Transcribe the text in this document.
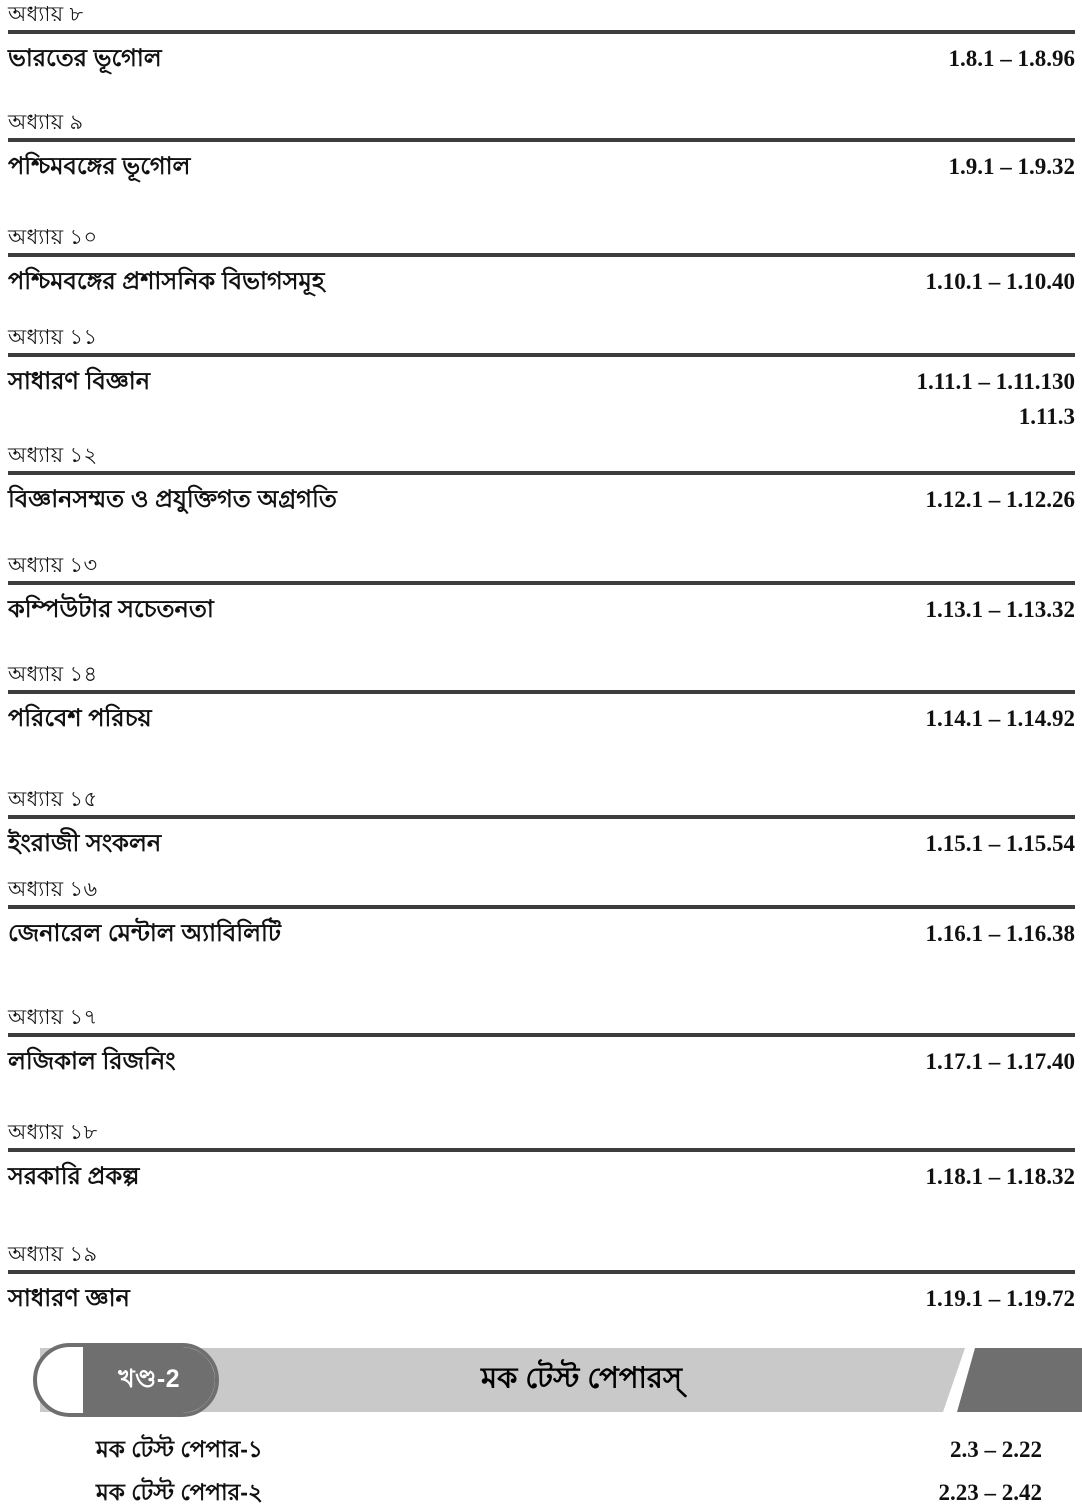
অধ্যায় ৮
ভারতের ভূগোল	1.8.1 – 1.8.96
অধ্যায় ৯
পশ্চিমবঙ্গের ভূগোল	1.9.1 – 1.9.32
অধ্যায় ১০
পশ্চিমবঙ্গের প্রশাসনিক বিভাগসমূহ	1.10.1 – 1.10.40
অধ্যায় ১১
সাধারণ বিজ্ঞান	1.11.1 – 1.11.130
1.11.3
অধ্যায় ১২
বিজ্ঞানসম্মত ও প্রযুক্তিগত অগ্রগতি	1.12.1 – 1.12.26
অধ্যায় ১৩
কম্পিউটার সচেতনতা	1.13.1 – 1.13.32
অধ্যায় ১৪
পরিবেশ পরিচয়	1.14.1 – 1.14.92
অধ্যায় ১৫
ইংরাজী সংকলন	1.15.1 – 1.15.54
অধ্যায় ১৬
জেনারেল মেন্টাল অ্যাবিলিটি	1.16.1 – 1.16.38
অধ্যায় ১৭
লজিকাল রিজনিং	1.17.1 – 1.17.40
অধ্যায় ১৮
সরকারি প্রকল্প	1.18.1 – 1.18.32
অধ্যায় ১৯
সাধারণ জ্ঞান	1.19.1 – 1.19.72
মক টেস্ট পেপারস্
খণ্ড-2
মক টেস্ট পেপার-১	2.3 – 2.22
মক টেস্ট পেপার-২	2.23 – 2.42
